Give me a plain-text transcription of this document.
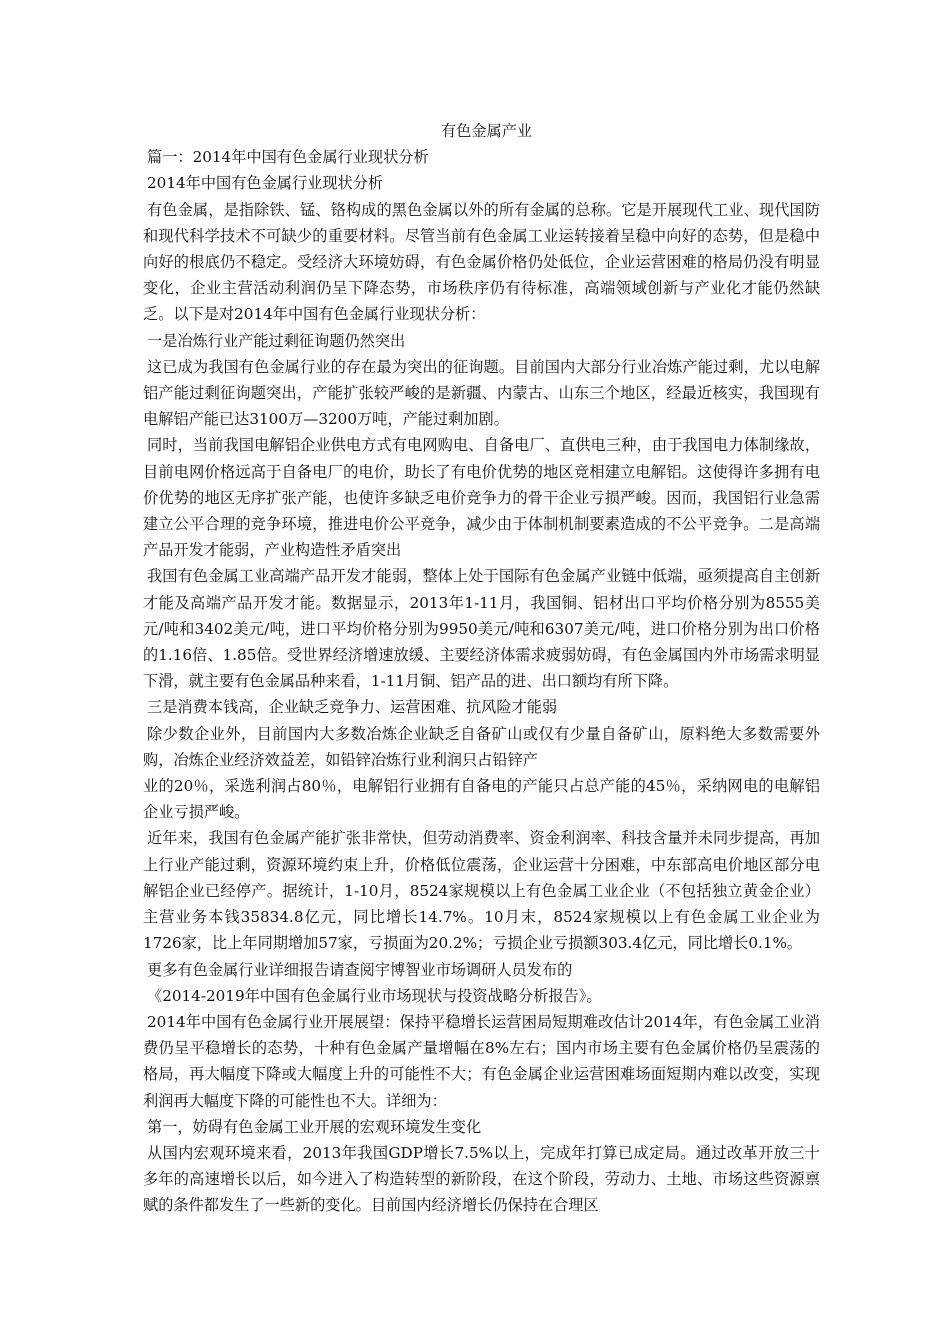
有色金属产业

篇一：2014年中国有色金属行业现状分析

2014年中国有色金属行业现状分析

有色金属，是指除铁、锰、铬构成的黑色金属以外的所有金属的总称。它是开展现代工业、现代国防和现代科学技术不可缺少的重要材料。尽管当前有色金属工业运转接着呈稳中向好的态势，但是稳中向好的根底仍不稳定。受经济大环境妨碍，有色金属价格仍处低位，企业运营困难的格局仍没有明显变化，企业主营活动利润仍呈下降态势，市场秩序仍有待标准，高端领域创新与产业化才能仍然缺乏。以下是对2014年中国有色金属行业现状分析：

一是冶炼行业产能过剩征询题仍然突出

这已成为我国有色金属行业的存在最为突出的征询题。目前国内大部分行业冶炼产能过剩，尤以电解铝产能过剩征询题突出，产能扩张较严峻的是新疆、内蒙古、山东三个地区，经最近核实，我国现有电解铝产能已达3100万—3200万吨，产能过剩加剧。

同时，当前我国电解铝企业供电方式有电网购电、自备电厂、直供电三种，由于我国电力体制缘故，目前电网价格远高于自备电厂的电价，助长了有电价优势的地区竞相建立电解铝。这使得许多拥有电价优势的地区无序扩张产能，也使许多缺乏电价竞争力的骨干企业亏损严峻。因而，我国铝行业急需建立公平合理的竞争环境，推进电价公平竞争，减少由于体制机制要素造成的不公平竞争。二是高端产品开发才能弱，产业构造性矛盾突出

我国有色金属工业高端产品开发才能弱，整体上处于国际有色金属产业链中低端，亟须提高自主创新才能及高端产品开发才能。数据显示，2013年1-11月，我国铜、铝材出口平均价格分别为8555美元/吨和3402美元/吨，进口平均价格分别为9950美元/吨和6307美元/吨，进口价格分别为出口价格的1.16倍、1.85倍。受世界经济增速放缓、主要经济体需求疲弱妨碍，有色金属国内外市场需求明显下滑，就主要有色金属品种来看，1-11月铜、铝产品的进、出口额均有所下降。

三是消费本钱高，企业缺乏竞争力、运营困难、抗风险才能弱

除少数企业外，目前国内大多数冶炼企业缺乏自备矿山或仅有少量自备矿山，原料绝大多数需要外购，冶炼企业经济效益差，如铅锌冶炼行业利润只占铅锌产

业的20％，采选利润占80％，电解铝行业拥有自备电的产能只占总产能的45％，采纳网电的电解铝企业亏损严峻。

近年来，我国有色金属产能扩张非常快，但劳动消费率、资金利润率、科技含量并未同步提高，再加上行业产能过剩，资源环境约束上升，价格低位震荡，企业运营十分困难，中东部高电价地区部分电解铝企业已经停产。据统计，1-10月，8524家规模以上有色金属工业企业（不包括独立黄金企业）主营业务本钱35834.8亿元，同比增长14.7%。10月末，8524家规模以上有色金属工业企业为1726家，比上年同期增加57家，亏损面为20.2%；亏损企业亏损额303.4亿元，同比增长0.1%。

更多有色金属行业详细报告请查阅宇博智业市场调研人员发布的

《2014-2019年中国有色金属行业市场现状与投资战略分析报告》。

2014年中国有色金属行业开展展望：保持平稳增长运营困局短期难改估计2014年，有色金属工业消费仍呈平稳增长的态势，十种有色金属产量增幅在8%左右；国内市场主要有色金属价格仍呈震荡的格局，再大幅度下降或大幅度上升的可能性不大；有色金属企业运营困难场面短期内难以改变，实现利润再大幅度下降的可能性也不大。详细为：

第一，妨碍有色金属工业开展的宏观环境发生变化

从国内宏观环境来看，2013年我国GDP增长7.5%以上，完成年打算已成定局。通过改革开放三十多年的高速增长以后，如今进入了构造转型的新阶段，在这个阶段，劳动力、土地、市场这些资源禀赋的条件都发生了一些新的变化。目前国内经济增长仍保持在合理区
